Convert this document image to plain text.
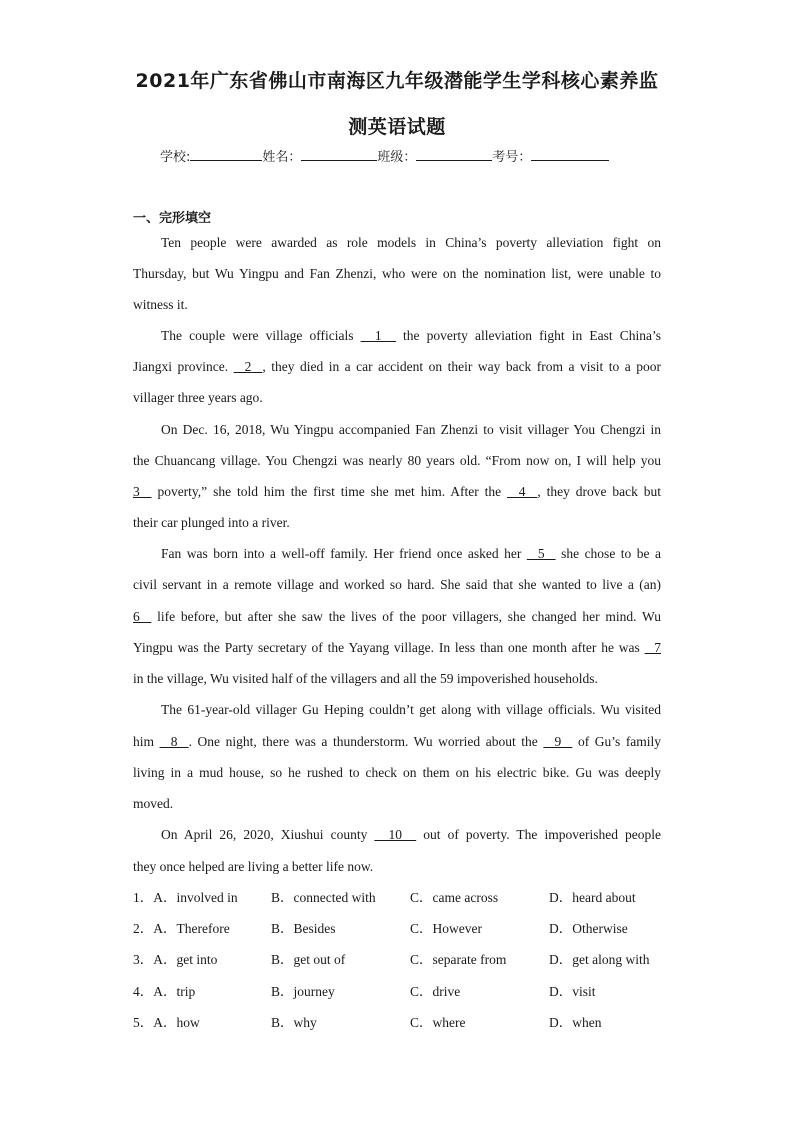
2021年广东省佛山市南海区九年级潜能学生学科核心素养监
测英语试题
学校:	姓名：	班级：	考号：
一、完形填空
Ten people were awarded as role models in China’s poverty alleviation fight on
Thursday, but Wu Yingpu and Fan Zhenzi, who were on the nomination list, were unable to
witness it.
The couple were village officials   1   the poverty alleviation fight in East China’s
Jiangxi province.   2  , they died in a car accident on their way back from a visit to a poor
villager three years ago.
On Dec. 16, 2018, Wu Yingpu accompanied Fan Zhenzi to visit villager You Chengzi in
the Chuancang village. You Chengzi was nearly 80 years old. “From now on, I will help you
3   poverty,” she told him the first time she met him. After the   4  , they drove back but
their car plunged into a river.
Fan was born into a well-off family. Her friend once asked her   5   she chose to be a
civil servant in a remote village and worked so hard. She said that she wanted to live a (an)
6   life before, but after she saw the lives of the poor villagers, she changed her mind. Wu
Yingpu was the Party secretary of the Yayang village. In less than one month after he was   7
in the village, Wu visited half of the villagers and all the 59 impoverished households.
The 61-year-old villager Gu Heping couldn’t get along with village officials. Wu visited
him   8  . One night, there was a thunderstorm. Wu worried about the   9   of Gu’s family
living in a mud house, so he rushed to check on them on his electric bike. Gu was deeply
moved.
On April 26, 2020, Xiushui county   10   out of poverty. The impoverished people
they once helped are living a better life now.
1．A．involved in B．connected with	C．came across	D．heard about
2．A．Therefore	B．Besides	C．However	D．Otherwise
3．A．get into	B．get out of	C．separate from	D．get along with
4．A．trip	B．journey	C．drive	D．visit
5．A．how	B．why	C．where	D．when
